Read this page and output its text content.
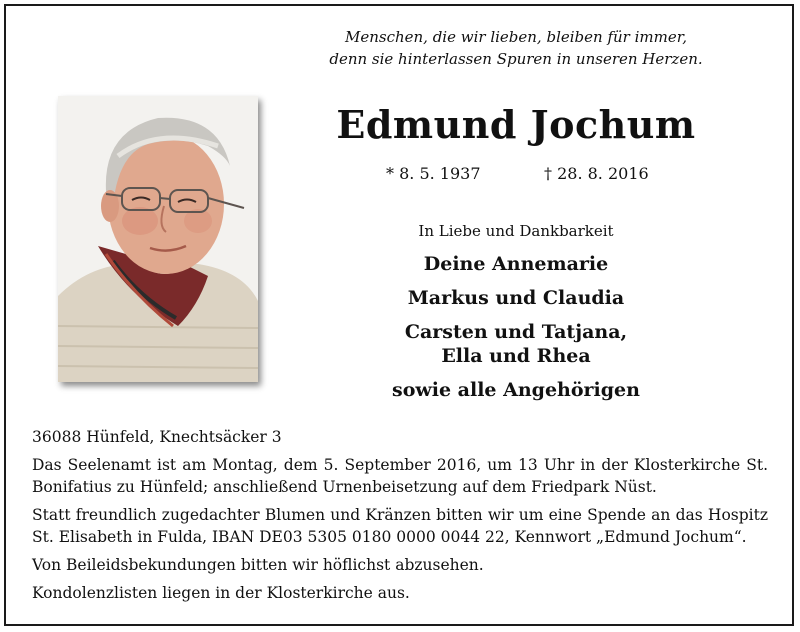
Menschen, die wir lieben, bleiben für immer,
denn sie hinterlassen Spuren in unseren Herzen.
Edmund Jochum
* 8. 5. 1937	† 28. 8. 2016
In Liebe und Dankbarkeit
Deine Annemarie
Markus und Claudia
Carsten und Tatjana,
Ella und Rhea
sowie alle Angehörigen

36088 Hünfeld, Knechtsäcker 3

Das Seelenamt ist am Montag, dem 5. September 2016, um 13 Uhr in der Klosterkirche St. Bonifatius zu Hünfeld; anschließend Urnenbeisetzung auf dem Friedpark Nüst.

Statt freundlich zugedachter Blumen und Kränzen bitten wir um eine Spende an das Hospitz St. Elisabeth in Fulda, IBAN DE03 5305 0180 0000 0044 22, Kennwort „Edmund Jochum“.

Von Beileidsbekundungen bitten wir höflichst abzusehen.

Kondolenzlisten liegen in der Klosterkirche aus.
